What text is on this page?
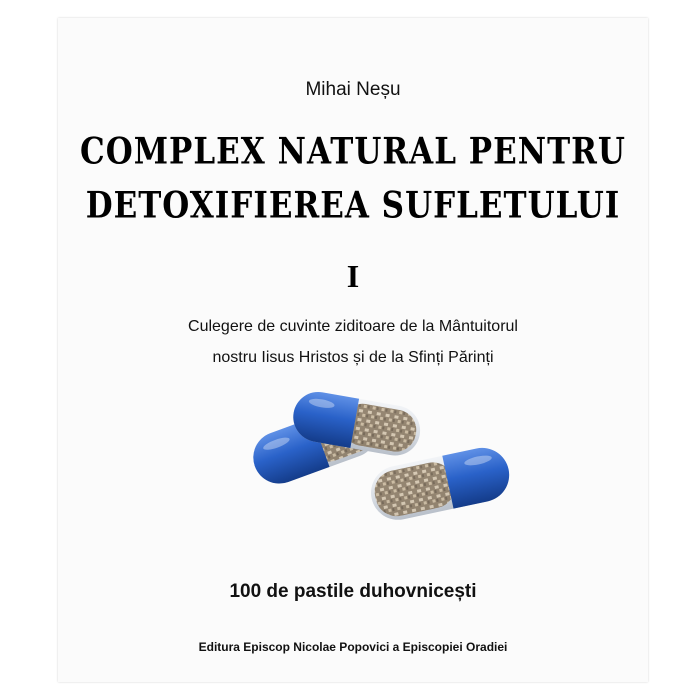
Mihai Neșu
COMPLEX NATURAL PENTRU
DETOXIFIEREA SUFLETULUI
I
Culegere de cuvinte ziditoare de la Mântuitorul
nostru Iisus Hristos și de la Sfinți Părinți
100 de pastile duhovnicești
Editura Episcop Nicolae Popovici a Episcopiei Oradiei
